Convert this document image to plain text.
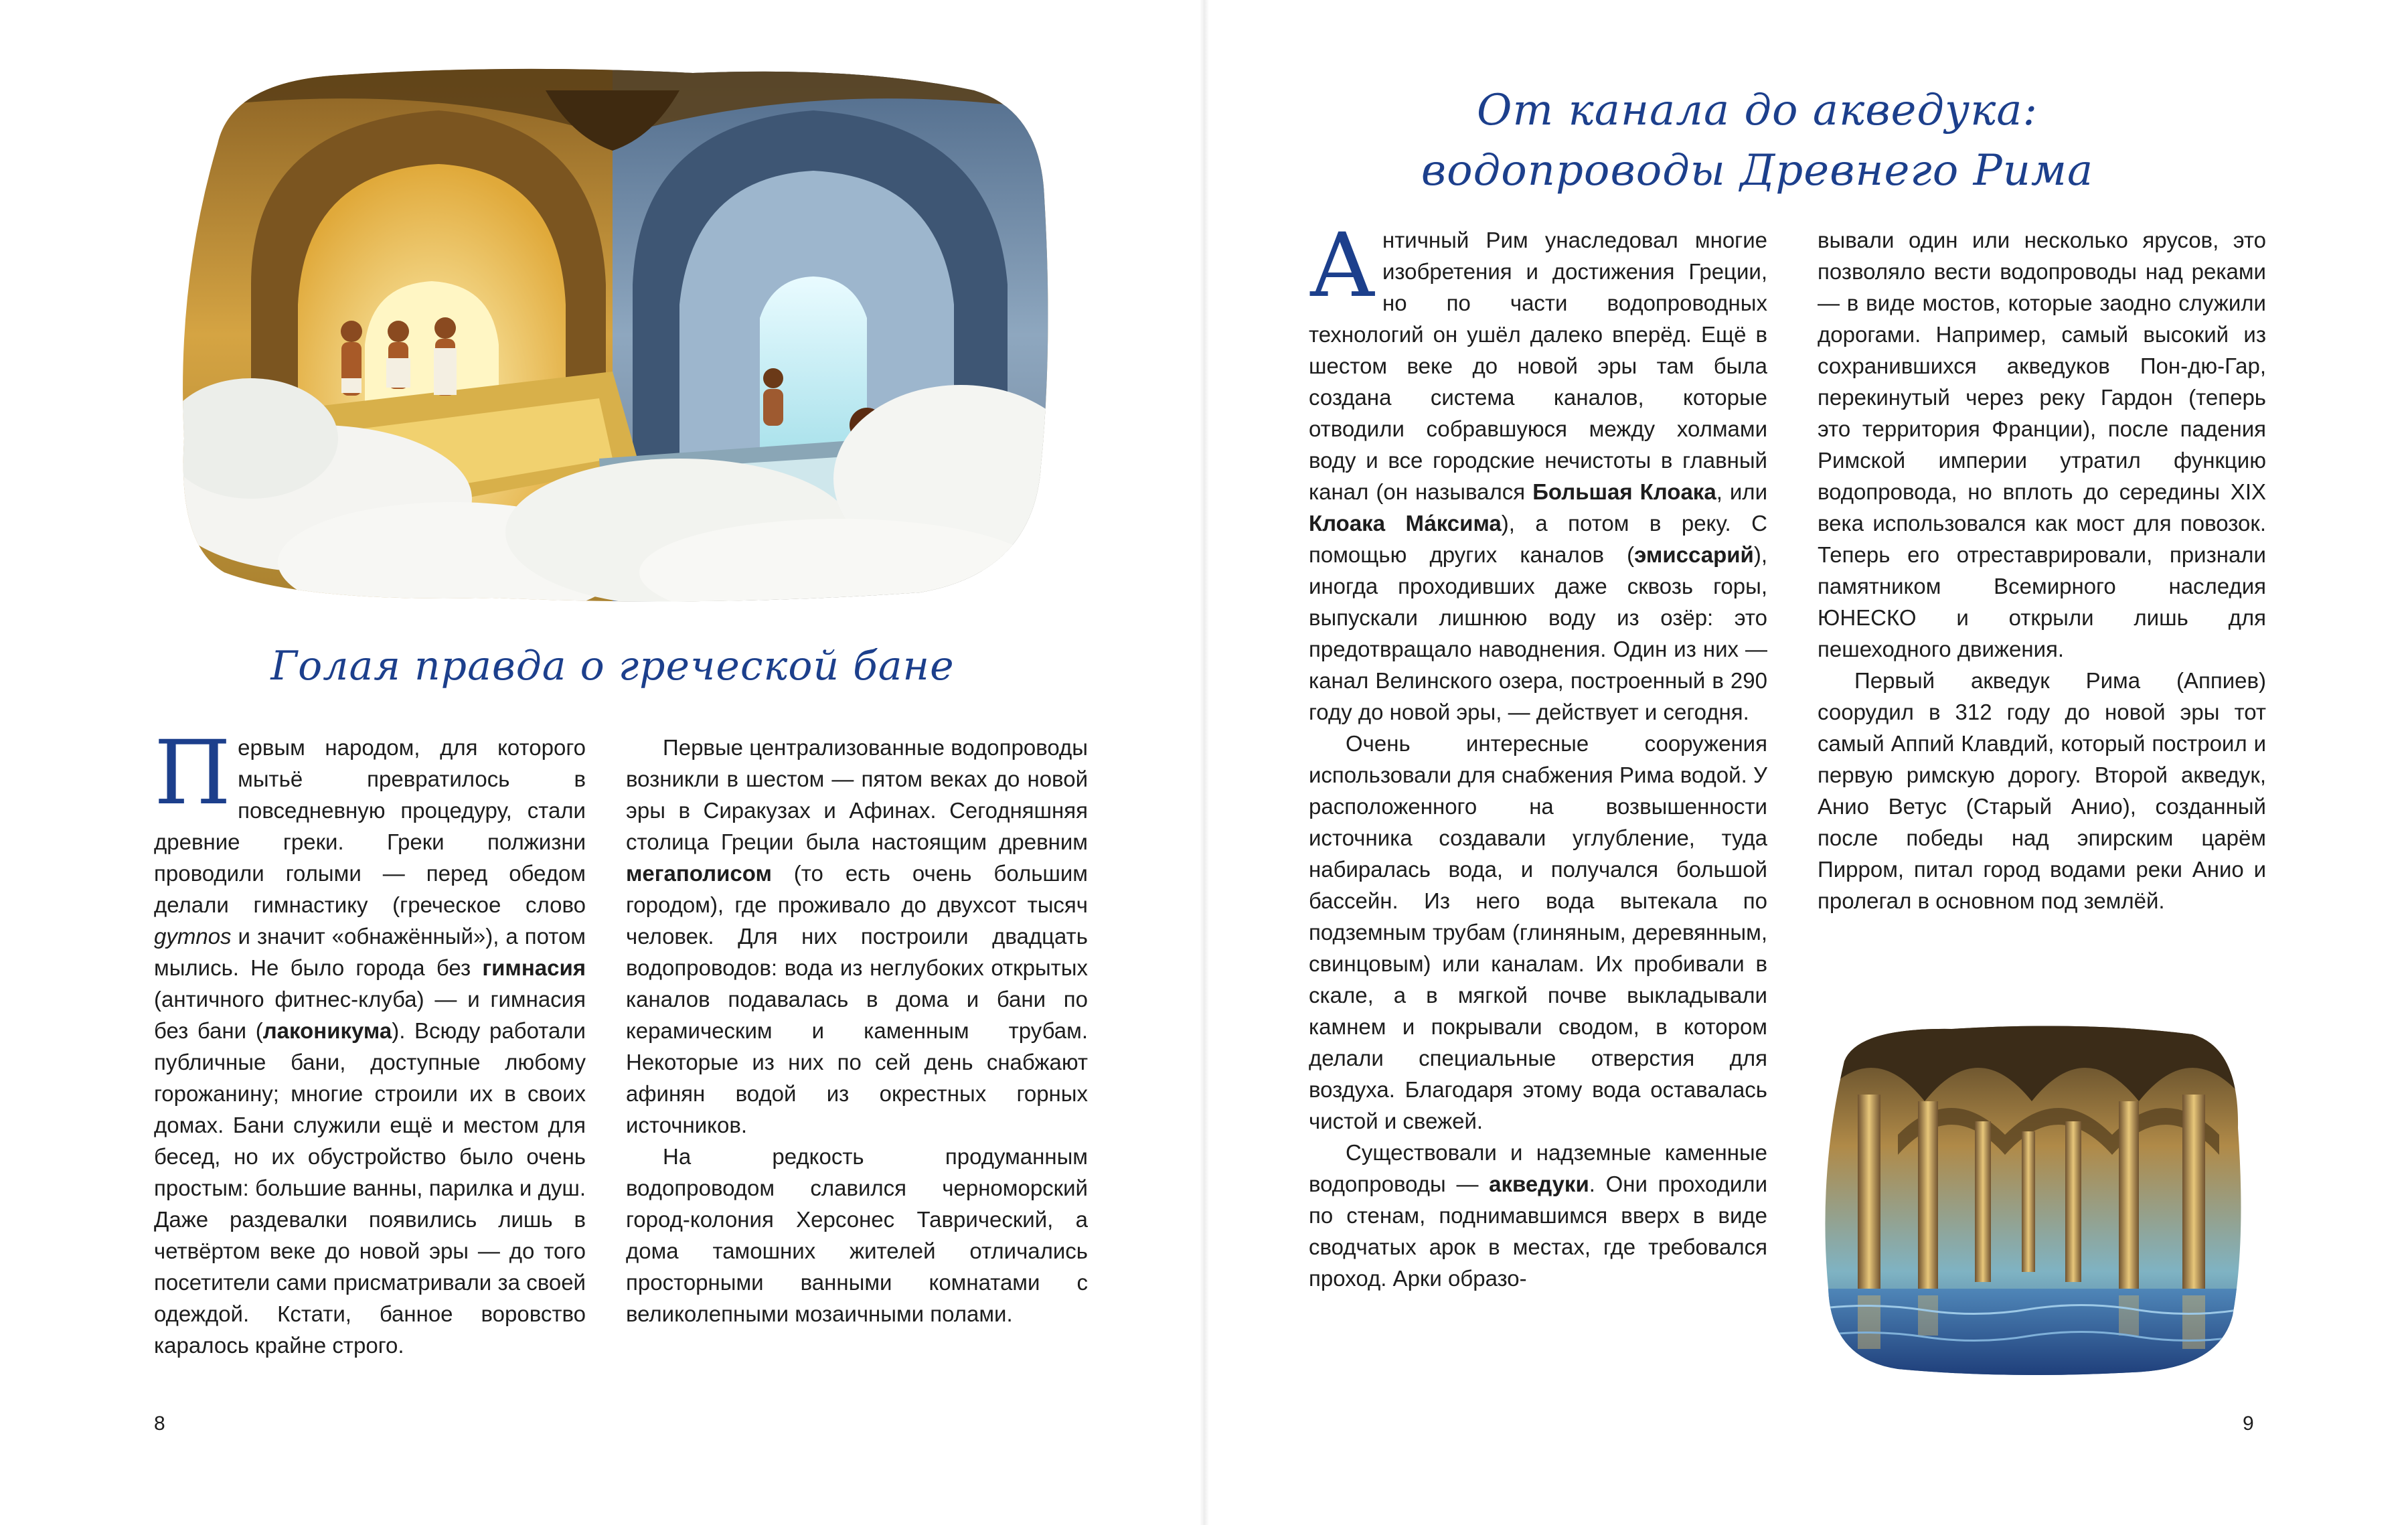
Голая правда о греческой бане

Первым народом, для которого мытьё превратилось в повседневную процедуру, стали древние греки. Греки полжизни проводили голыми — перед обедом делали гимнастику (греческое слово gymnos и значит «обнажённый»), а потом мылись. Не было города без гимнасия (античного фитнес-клуба) — и гимнасия без бани (лаконикума). Всюду работали публичные бани, доступные любому горожанину; многие строили их в своих домах. Бани служили ещё и местом для бесед, но их обустройство было очень простым: большие ванны, парилка и душ. Даже раздевалки появились лишь в четвёртом веке до новой эры — до того посетители сами присматривали за своей одеждой. Кстати, банное воровство каралось крайне строго.

Первые централизованные водопроводы возникли в шестом — пятом веках до новой эры в Сиракузах и Афинах. Сегодняшняя столица Греции была настоящим древним мегаполисом (то есть очень большим городом), где проживало до двухсот тысяч человек. Для них построили двадцать водопроводов: вода из неглубоких открытых каналов подавалась в дома и бани по керамическим и каменным трубам. Некоторые из них по сей день снабжают афинян водой из окрестных горных источников.

На редкость продуманным водопроводом славился черноморский город-колония Херсонес Таврический, а дома тамошних жителей отличались просторными ванными комнатами с великолепными мозаичными полами.

8
От канала до акведука:
водопроводы Древнего Рима

Античный Рим унаследовал многие изобретения и достижения Греции, но по части водопроводных технологий он ушёл далеко вперёд. Ещё в шестом веке до новой эры там была создана система каналов, которые отводили собравшуюся между холмами воду и все городские нечистоты в главный канал (он назывался Большая Клоака, или Клоака Ма́ксима), а потом в реку. С помощью других каналов (эмиссарий), иногда проходивших даже сквозь горы, выпускали лишнюю воду из озёр: это предотвращало наводнения. Один из них — канал Велинского озера, построенный в 290 году до новой эры, — действует и сегодня.

Очень интересные сооружения использовали для снабжения Рима водой. У расположенного на возвышенности источника создавали углубление, туда набиралась вода, и получался большой бассейн. Из него вода вытекала по подземным трубам (глиняным, деревянным, свинцовым) или каналам. Их пробивали в скале, а в мягкой почве выкладывали камнем и покрывали сводом, в котором делали специальные отверстия для воздуха. Благодаря этому вода оставалась чистой и свежей.

Существовали и надземные каменные водопроводы — акведуки. Они проходили по стенам, поднимавшимся вверх в виде сводчатых арок в местах, где требовался проход. Арки образо-

вывали один или несколько ярусов, это позволяло вести водопроводы над реками — в виде мостов, которые заодно служили дорогами. Например, самый высокий из сохранившихся акведуков Пон-дю-Гар, перекинутый через реку Гардон (теперь это территория Франции), после падения Римской империи утратил функцию водопровода, но вплоть до середины XIX века использовался как мост для повозок. Теперь его отреставрировали, признали памятником Всемирного наследия ЮНЕСКО и открыли лишь для пешеходного движения.

Первый акведук Рима (Аппиев) соорудил в 312 году до новой эры тот самый Аппий Клавдий, который построил и первую римскую дорогу. Второй акведук, Анио Ветус (Старый Анио), созданный после победы над эпирским царём Пирром, питал город водами реки Анио и пролегал в основном под землёй.

9
